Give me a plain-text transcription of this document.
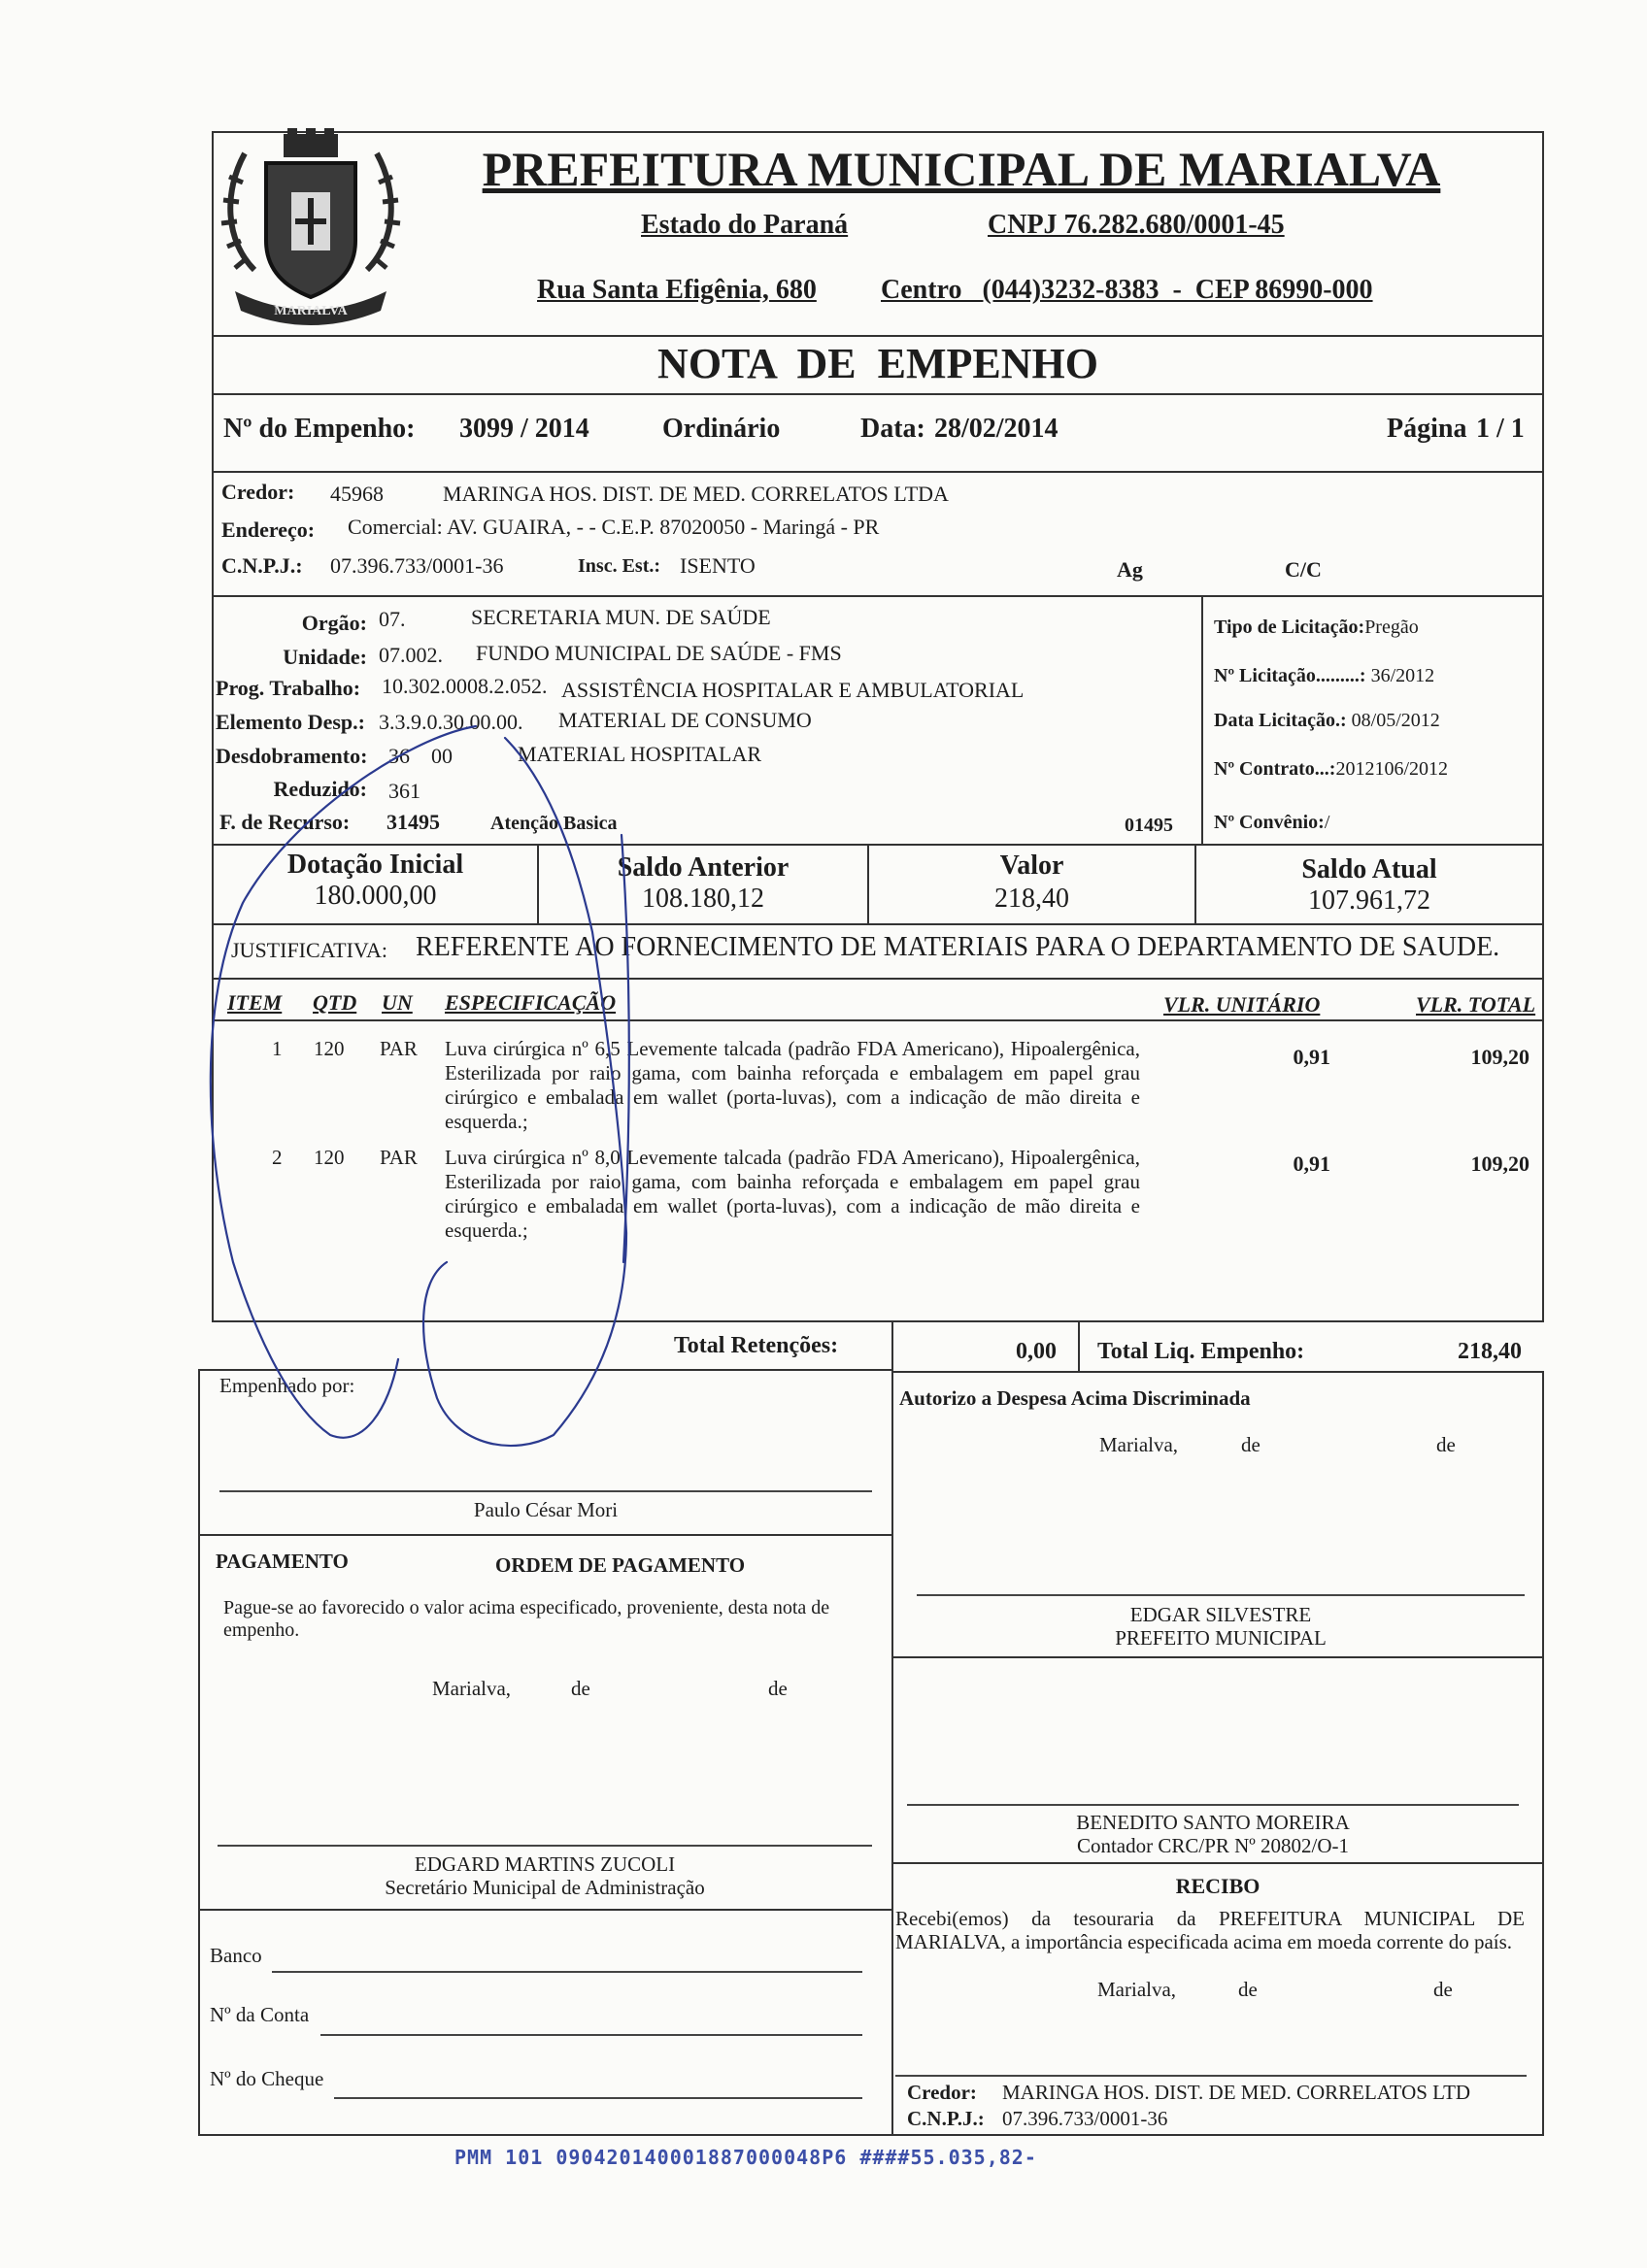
MARIALVA
PREFEITURA MUNICIPAL DE MARIALVA
Estado do Paraná	CNPJ 76.282.680/0001-45
Rua Santa Efigênia, 680 Centro   (044)3232-8383  -  CEP 86990-000
NOTA  DE  EMPENHO
Nº do Empenho: 3099 / 2014	Ordinário	Data: 28/02/2014	Página 1 / 1
Credor: 45968	MARINGA HOS. DIST. DE MED. CORRELATOS LTDA
Endereço: Comercial: AV. GUAIRA, - - C.E.P. 87020050 - Maringá - PR
C.N.P.J.: 07.396.733/0001-36	Insc. Est.: ISENTO	Ag	C/C
Orgão: 07.	SECRETARIA MUN. DE SAÚDE
Unidade: 07.002. FUNDO MUNICIPAL DE SAÚDE - FMS
Prog. Trabalho: 10.302.0008.2.052. ASSISTÊNCIA HOSPITALAR E AMBULATORIAL
Elemento Desp.: 3.3.9.0.30.00.00. MATERIAL DE CONSUMO
Desdobramento: 36    00	MATERIAL HOSPITALAR
Reduzido: 361
F. de Recurso: 31495	Atenção Basica	01495
Tipo de Licitação:Pregão
Nº Licitação.........: 36/2012
Data Licitação.: 08/05/2012
Nº Contrato...:2012106/2012
Nº Convênio:/
Dotação Inicial
180.000,00
Saldo Anterior
108.180,12
Valor
218,40
Saldo Atual
107.961,72
JUSTIFICATIVA: REFERENTE AO FORNECIMENTO DE MATERIAIS PARA O DEPARTAMENTO DE SAUDE.
ITEM QTD UN ESPECIFICAÇÃO	VLR. UNITÁRIO	VLR. TOTAL
1 120 PAR Luva cirúrgica nº 6,5 Levemente talcada (padrão FDA Americano), Hipoalergênica, Esterilizada por raio gama, com bainha reforçada e embalagem em papel grau cirúrgico e embalada em wallet (porta-luvas), com a indicação de mão direita e esquerda.;
0,91	109,20
2 120 PAR Luva cirúrgica nº 8,0 Levemente talcada (padrão FDA Americano), Hipoalergênica, Esterilizada por raio gama, com bainha reforçada e embalagem em papel grau cirúrgico e embalada em wallet (porta-luvas), com a indicação de mão direita e esquerda.;
0,91	109,20
Total Retenções:	0,00 Total Liq. Empenho:	218,40
Empenhado por:
Paulo César Mori
Autorizo a Despesa Acima Discriminada
Marialva,	de	de
PAGAMENTO	ORDEM DE PAGAMENTO
Pague-se ao favorecido o valor acima especificado, proveniente, desta nota de empenho.
Marialva,	de	de
EDGAR SILVESTRE
PREFEITO MUNICIPAL
BENEDITO SANTO MOREIRA
Contador CRC/PR Nº 20802/O-1
EDGARD MARTINS ZUCOLI
Secretário Municipal de Administração	RECIBO
Recebi(emos) da tesouraria da PREFEITURA MUNICIPAL DE MARIALVA, a importância especificada acima em moeda corrente do país.
Marialva,	de	de
Credor: MARINGA HOS. DIST. DE MED. CORRELATOS LTD
C.N.P.J.: 07.396.733/0001-36
Banco
Nº da Conta
Nº do Cheque
PMM 101 090420140001887000048P6 ####55.035,82-
